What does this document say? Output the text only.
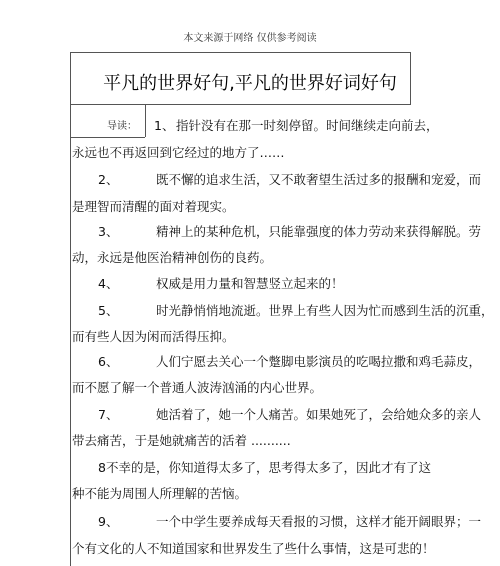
本文来源于网络 仅供参考阅读
平凡的世界好句,平凡的世界好词好句
导读： 1、 指针没有在那一时刻停留。时间继续走向前去，
永远也不再返回到它经过的地方了……
2、	既不懈的追求生活，又不敢奢望生活过多的报酬和宠爱，而
是理智而清醒的面对着现实。
3、	精神上的某种危机，只能靠强度的体力劳动来获得解脱。劳
动，永远是他医治精神创伤的良药。
4、	权威是用力量和智慧竖立起来的！
5、	时光静悄悄地流逝。世界上有些人因为忙而感到生活的沉重，
而有些人因为闲而活得压抑。
6、	人们宁愿去关心一个蹩脚电影演员的吃喝拉撒和鸡毛蒜皮，
而不愿了解一个普通人波涛汹涌的内心世界。
7、	她活着了，她一个人痛苦。如果她死了，会给她众多的亲人
带去痛苦，于是她就痛苦的活着 ..........
8不幸的是，你知道得太多了，思考得太多了，因此才有了这
种不能为周围人所理解的苦恼。
9、	一个中学生要养成每天看报的习惯，这样才能开阔眼界；一
个有文化的人不知道国家和世界发生了些什么事情，这是可悲的！
